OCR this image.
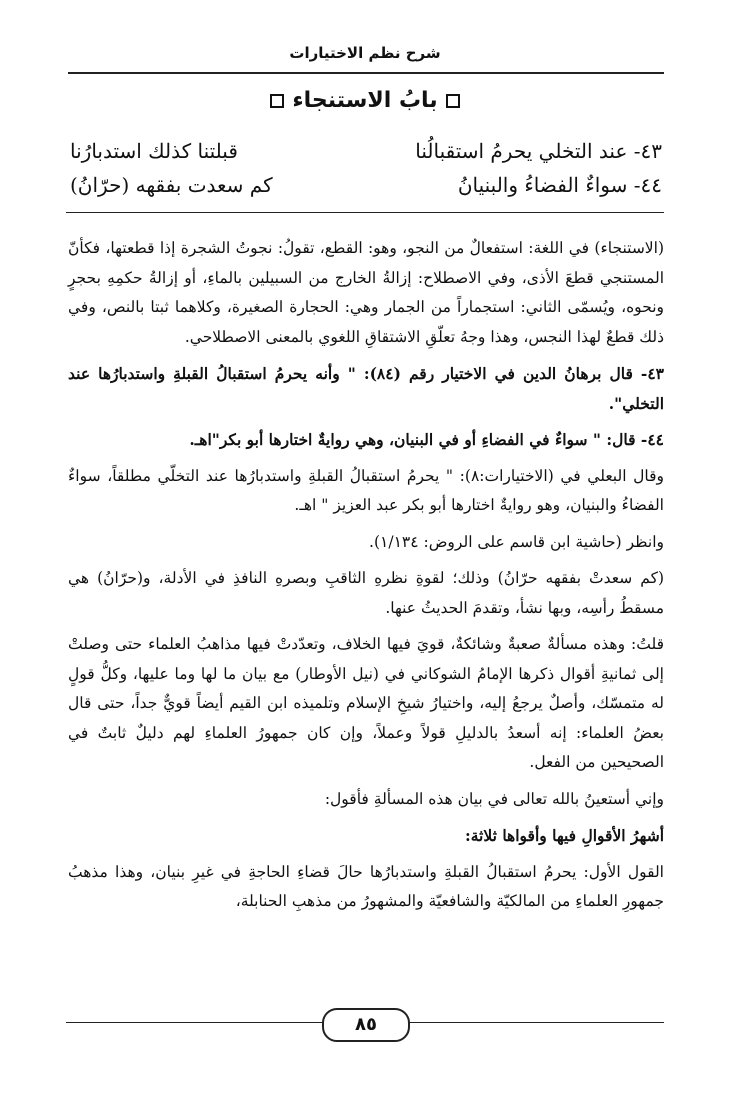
شرح نظم الاختيارات
بابُ الاستنجاء
٤٣- عند التخلي يحرمُ استقبالُنا
قبلتنا كذلك استدبارُنا
٤٤- سواءٌ الفضاءُ والبنيانُ
كم سعدت بفقهه (حرّانُ)

(الاستنجاء) في اللغة: استفعالٌ من النجو، وهو: القطع، تقولُ: نجوتُ الشجرة إذا قطعتها، فكأنّ المستنجي قطعَ الأذى، وفي الاصطلاح: إزالةُ الخارج من السبيلين بالماءِ، أو إزالةُ حكمِهِ بحجرٍ ونحوه، ويُسمّى الثاني: استجماراً من الجمار وهي: الحجارة الصغيرة، وكلاهما ثبتا بالنص، وفي ذلك قطعٌ لهذا النجس، وهذا وجهُ تعلّقِ الاشتقاقِ اللغوي بالمعنى الاصطلاحي.

٤٣- قال برهانُ الدين في الاختيار رقم (٨٤): " وأنه يحرمُ استقبالُ القبلةِ واستدبارُها عند التخلي".

٤٤- قال: " سواءٌ في الفضاءِ أو في البنيان، وهي روايةٌ اختارها أبو بكر"اهـ.

وقال البعلي في (الاختيارات:٨): " يحرمُ استقبالُ القبلةِ واستدبارُها عند التخلّي مطلقاً، سواءٌ الفضاءُ والبنيان، وهو روايةٌ اختارها أبو بكر عبد العزيز " اهـ.

وانظر (حاشية ابن قاسم على الروض: ١/١٣٤).

(كم سعدتْ بفقهه حرّانُ) وذلك؛ لقوةِ نظرهِ الثاقبِ وبصرهِ النافذِ في الأدلة، و(حرّانُ) هي مسقطُ رأسِه، وبها نشأ، وتقدمَ الحديثُ عنها.

قلتُ: وهذه مسألةٌ صعبةٌ وشائكةٌ، قويَ فيها الخلاف، وتعدّدتْ فيها مذاهبُ العلماء حتى وصلتْ إلى ثمانيةِ أقوال ذكرها الإمامُ الشوكاني في (نيل الأوطار) مع بيان ما لها وما عليها، وكلُّ قولٍ له متمسّك، وأصلٌ يرجعُ إليه، واختيارُ شيخِ الإسلام وتلميذه ابن القيم أيضاً قويٌّ جداً، حتى قال بعضُ العلماء: إنه أسعدُ بالدليلِ قولاً وعملاً، وإن كان جمهورُ العلماءِ لهم دليلٌ ثابتٌ في الصحيحين من الفعل.

وإني أستعينُ بالله تعالى في بيان هذه المسألةِ فأقول:

أشهرُ الأقوالِ فيها وأقواها ثلاثة:

القول الأول: يحرمُ استقبالُ القبلةِ واستدبارُها حالَ قضاءِ الحاجةِ في غيرِ بنيان، وهذا مذهبُ جمهورِ العلماءِ من المالكيّة والشافعيّة والمشهورُ من مذهبِ الحنابلة،

٨٥
